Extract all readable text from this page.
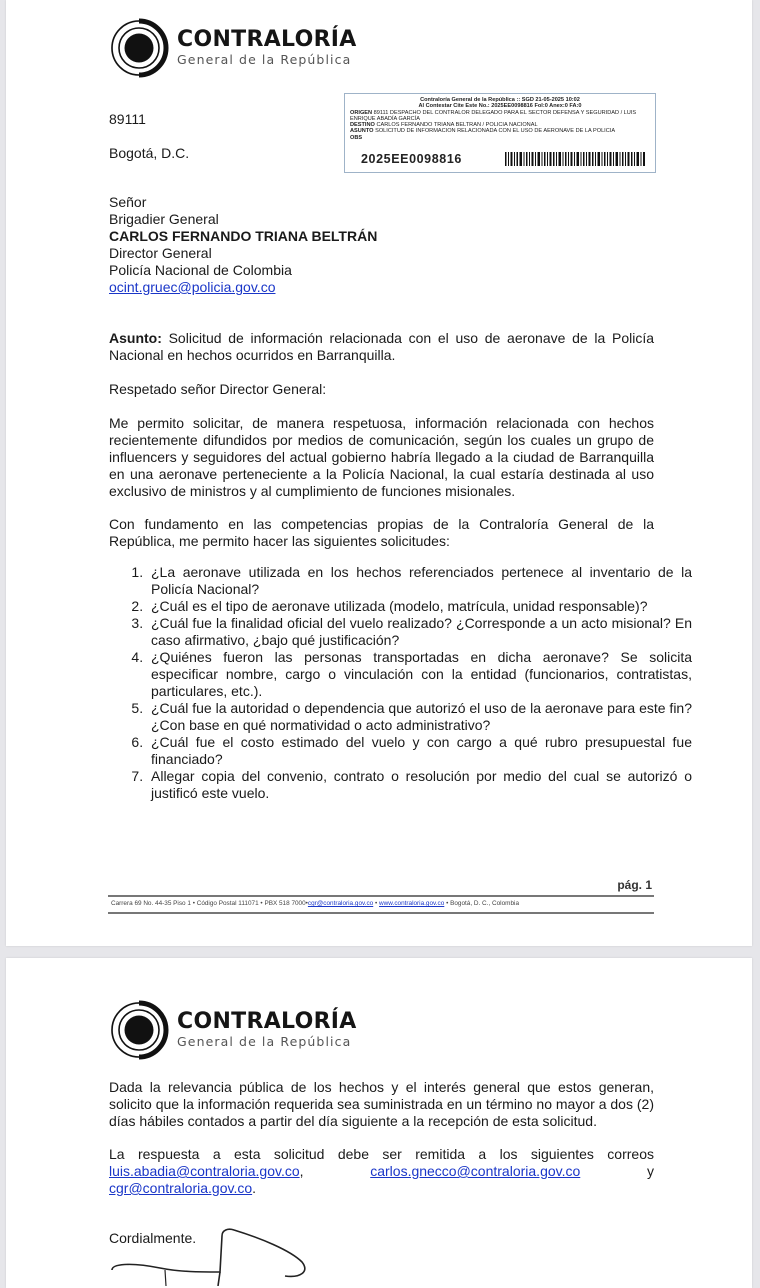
CONTRALORÍA
General de la República
89111
Bogotá, D.C.
Contraloría General de la República :: SGD 21-05-2025 10:02
Al Contestar Cite Este No.: 2025EE0098816 Fol:0 Anex:0 FA:0
ORIGEN 89111 DESPACHO DEL CONTRALOR DELEGADO PARA EL SECTOR DEFENSA Y SEGURIDAD / LUIS ENRIQUE ABADÍA GARCÍA
DESTINO CARLOS FERNANDO TRIANA BELTRÁN / POLICÍA NACIONAL
ASUNTO SOLICITUD DE INFORMACIÓN RELACIONADA CON EL USO DE AERONAVE DE LA POLICÍA
OBS
2025EE0098816
Señor
Brigadier General
CARLOS FERNANDO TRIANA BELTRÁN
Director General
Policía Nacional de Colombia
ocint.gruec@policia.gov.co
Asunto: Solicitud de información relacionada con el uso de aeronave de la Policía Nacional en hechos ocurridos en Barranquilla.
Respetado señor Director General:
Me permito solicitar, de manera respetuosa, información relacionada con hechos recientemente difundidos por medios de comunicación, según los cuales un grupo de influencers y seguidores del actual gobierno habría llegado a la ciudad de Barranquilla en una aeronave perteneciente a la Policía Nacional, la cual estaría destinada al uso exclusivo de ministros y al cumplimiento de funciones misionales.
Con fundamento en las competencias propias de la Contraloría General de la República, me permito hacer las siguientes solicitudes:
1. ¿La aeronave utilizada en los hechos referenciados pertenece al inventario de la Policía Nacional?
2. ¿Cuál es el tipo de aeronave utilizada (modelo, matrícula, unidad responsable)?
3. ¿Cuál fue la finalidad oficial del vuelo realizado? ¿Corresponde a un acto misional? En caso afirmativo, ¿bajo qué justificación?
4. ¿Quiénes fueron las personas transportadas en dicha aeronave? Se solicita especificar nombre, cargo o vinculación con la entidad (funcionarios, contratistas, particulares, etc.).
5. ¿Cuál fue la autoridad o dependencia que autorizó el uso de la aeronave para este fin? ¿Con base en qué normatividad o acto administrativo?
6. ¿Cuál fue el costo estimado del vuelo y con cargo a qué rubro presupuestal fue financiado?
7. Allegar copia del convenio, contrato o resolución por medio del cual se autorizó o justificó este vuelo.
pág. 1
Carrera 69 No. 44-35 Piso 1 • Código Postal 111071 • PBX 518 7000•cgr@contraloria.gov.co • www.contraloria.gov.co • Bogotá, D. C., Colombia
CONTRALORÍA
General de la República
Dada la relevancia pública de los hechos y el interés general que estos generan, solicito que la información requerida sea suministrada en un término no mayor a dos (2) días hábiles contados a partir del día siguiente a la recepción de esta solicitud.
La respuesta a esta solicitud debe ser remitida a los siguientes correos
luis.abadia@contraloria.gov.co,	carlos.gnecco@contraloria.gov.co	y
cgr@contraloria.gov.co.
Cordialmente.
